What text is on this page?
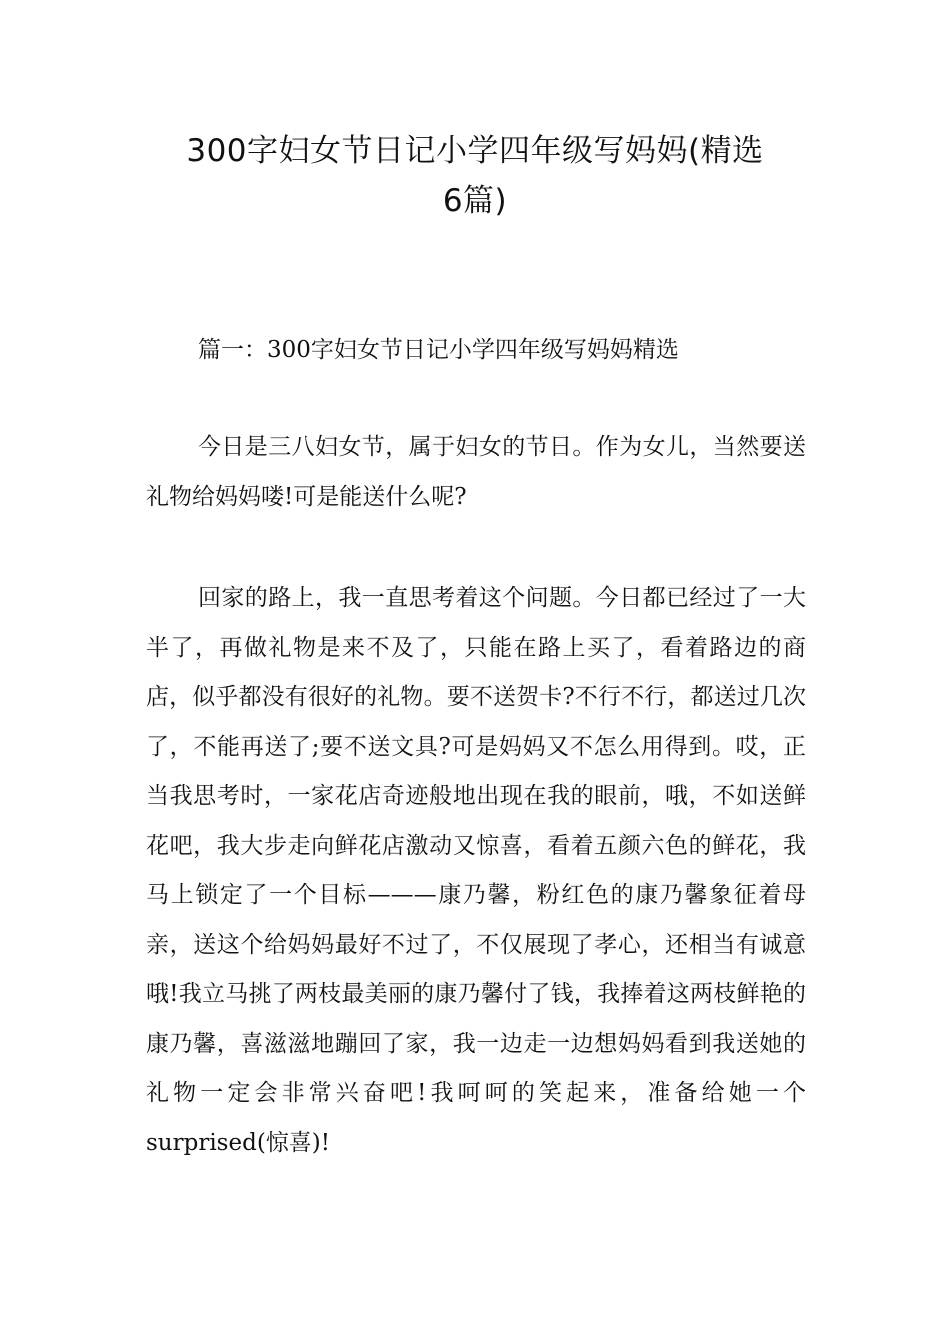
300字妇女节日记小学四年级写妈妈(精选
6篇)
篇一：300字妇女节日记小学四年级写妈妈精选
今日是三八妇女节，属于妇女的节日。作为女儿，当然要送礼物给妈妈喽!可是能送什么呢?
回家的路上，我一直思考着这个问题。今日都已经过了一大半了，再做礼物是来不及了，只能在路上买了，看着路边的商店，似乎都没有很好的礼物。要不送贺卡?不行不行，都送过几次了，不能再送了;要不送文具?可是妈妈又不怎么用得到。哎，正当我思考时，一家花店奇迹般地出现在我的眼前，哦，不如送鲜花吧，我大步走向鲜花店激动又惊喜，看着五颜六色的鲜花，我马上锁定了一个目标———康乃馨，粉红色的康乃馨象征着母亲，送这个给妈妈最好不过了，不仅展现了孝心，还相当有诚意哦!我立马挑了两枝最美丽的康乃馨付了钱，我捧着这两枝鲜艳的康乃馨，喜滋滋地蹦回了家，我一边走一边想妈妈看到我送她的礼物一定会非常兴奋吧!我呵呵的笑起来，准备给她一个surprised(惊喜)!
